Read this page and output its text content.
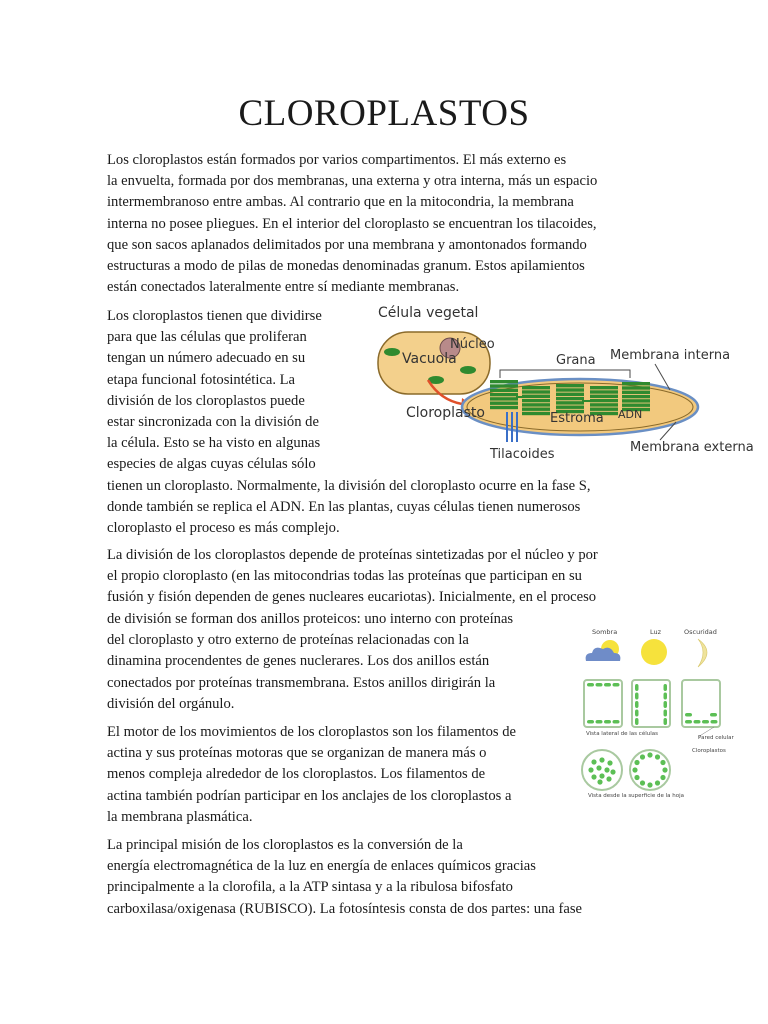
CLOROPLASTOS
Los cloroplastos están formados por varios compartimentos. El más externo es
la envuelta, formada por dos membranas, una externa y otra interna, más un espacio
intermembranoso entre ambas. Al contrario que en la mitocondria, la membrana
interna no posee pliegues. En el interior del cloroplasto se encuentran los tilacoides,
que son sacos aplanados delimitados por una membrana y amontonados formando
estructuras a modo de pilas de monedas denominadas granum. Estos apilamientos
están conectados lateralmente entre sí mediante membranas.
Los cloroplastos tienen que dividirse
para que las células que proliferan
tengan un número adecuado en su
etapa funcional fotosintética. La
división de los cloroplastos puede
estar sincronizada con la división de
la célula. Esto se ha visto en algunas
especies de algas cuyas células sólo
tienen un cloroplasto. Normalmente, la división del cloroplasto ocurre en la fase S,
donde también se replica el ADN. En las plantas, cuyas células tienen numerosos
cloroplasto el proceso es más complejo.
La división de los cloroplastos depende de proteínas sintetizadas por el núcleo y por
el propio cloroplasto (en las mitocondrias todas las proteínas que participan en su
fusión y fisión dependen de genes nucleares eucariotas). Inicialmente, en el proceso
de división se forman dos anillos proteicos: uno interno con proteínas
del cloroplasto y otro externo de proteínas relacionadas con la
dinamina procendentes de genes nuclerares. Los dos anillos están
conectados por proteínas transmembrana. Estos anillos dirigirán la
división del orgánulo.
El motor de los movimientos de los cloroplastos son los filamentos de
actina y sus proteínas motoras que se organizan de manera más o
menos compleja alrededor de los cloroplastos. Los filamentos de
actina también podrían participar en los anclajes de los cloroplastos a
la membrana plasmática.
La principal misión de los cloroplastos es la conversión de la
energía electromagnética de la luz en energía de enlaces químicos gracias
principalmente a la clorofila, a la ATP sintasa y a la ribulosa bifosfato
carboxilasa/oxigenasa (RUBISCO). La fotosíntesis consta de dos partes: una fase
Vacuola
Célula vegetal
Núcleo
Grana Membrana interna
Cloroplasto	Estroma ADN
Membrana externa
Tilacoides
Sombra	Luz	Oscuridad
Vista lateral de las células
Pared celular
Cloroplastos
Vista desde la superficie de la hoja
